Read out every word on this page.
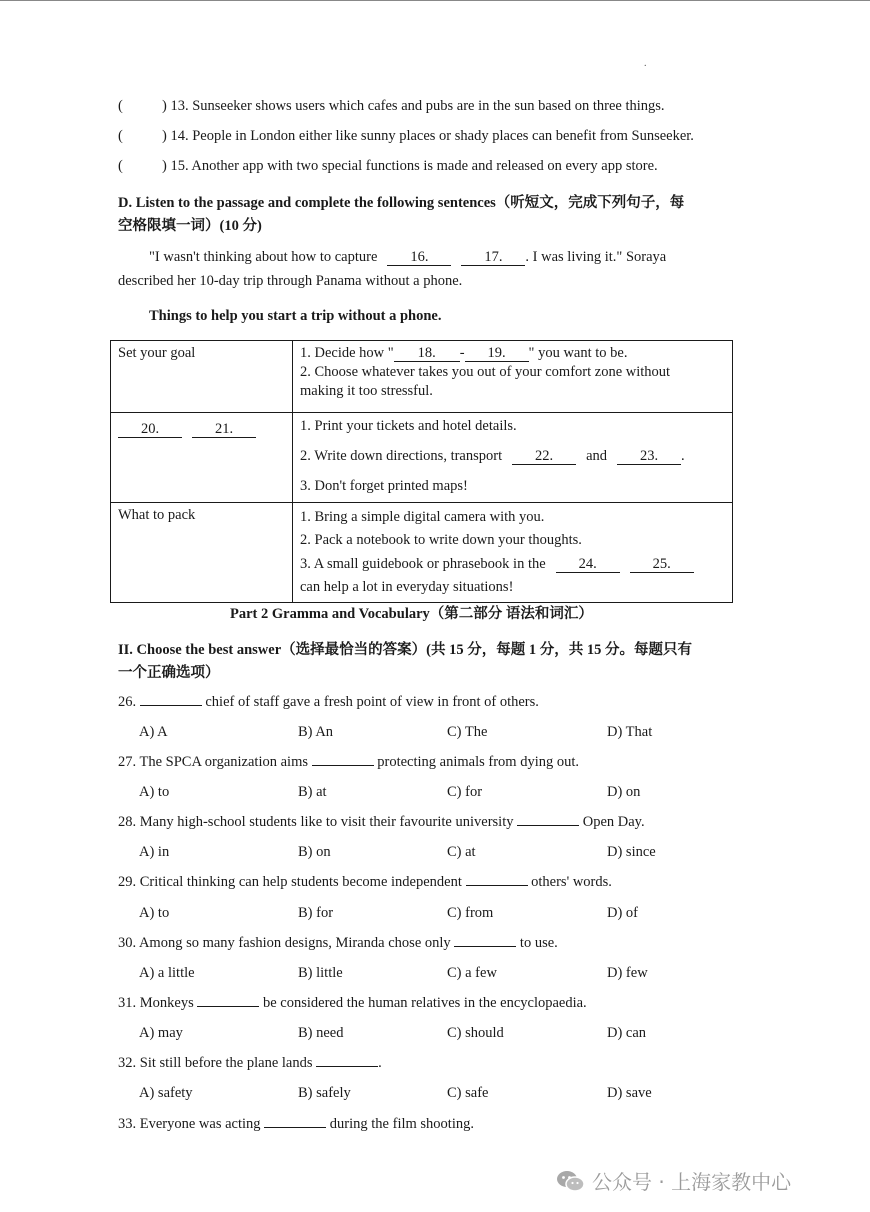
.
(	) 13. Sunseeker shows users which cafes and pubs are in the sun based on three things.
(	) 14. People in London either like sunny places or shady places can benefit from Sunseeker.
(	) 15. Another app with two special functions is made and released on every app store.
D. Listen to the passage and complete the following sentences（听短文，完成下列句子，每
空格限填一词）(10 分)
"I wasn't thinking about how to capture 16.	17. . I was living it." Soraya
described her 10-day trip through Panama without a phone.
Things to help you start a trip without a phone.
Set your goal	1. Decide how " 18. - 19. " you want to be.
2. Choose whatever takes you out of your comfort zone without
making it too stressful.

20. 21.	1. Print your tickets and hotel details.
2. Write down directions, transport 22. and 23. .
3. Don't forget printed maps!

What to pack	1. Bring a simple digital camera with you.
2. Pack a notebook to write down your thoughts.
3. A small guidebook or phrasebook in the 24. 25.
can help a lot in everyday situations!
Part 2 Gramma and Vocabulary（第二部分 语法和词汇）
II. Choose the best answer（选择最恰当的答案）(共 15 分，每题 1 分，共 15 分。每题只有
一个正确选项）
26.	chief of staff gave a fresh point of view in front of others.
A) A	B) An	C) The	D) That
27. The SPCA organization aims	protecting animals from dying out.
A) to	B) at	C) for	D) on
28. Many high-school students like to visit their favourite university	Open Day.
A) in	B) on	C) at	D) since
29. Critical thinking can help students become independent	others' words.
A) to	B) for	C) from	D) of
30. Among so many fashion designs, Miranda chose only	to use.
A) a little	B) little	C) a few	D) few
31. Monkeys	be considered the human relatives in the encyclopaedia.
A) may	B) need	C) should	D) can
32. Sit still before the plane lands	.
A) safety	B) safely	C) safe	D) save
33. Everyone was acting	during the film shooting.
公众号 · 上海家教中心
